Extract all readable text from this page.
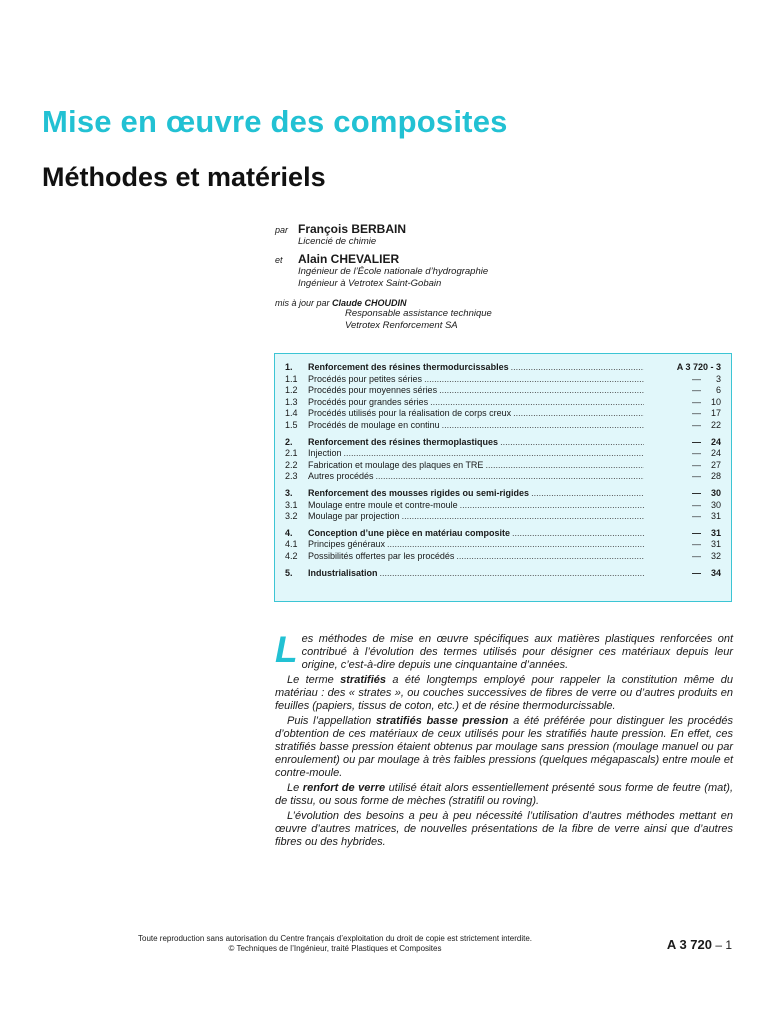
Mise en œuvre des composites
Méthodes et matériels
par François BERBAIN
Licencié de chimie
et	Alain CHEVALIER
Ingénieur de l’École nationale d’hydrographie
Ingénieur à Vetrotex Saint-Gobain
mis à jour par Claude CHOUDIN
Responsable assistance technique
Vetrotex Renforcement SA
1.	Renforcement des résines thermodurcissables .....	A 3 720 - 3
1.1	Procédés pour petites séries .....	—      3
1.2	Procédés pour moyennes séries .....	—      6
1.3	Procédés pour grandes séries .....	—    10
1.4	Procédés utilisés pour la réalisation de corps creux .....	—    17
1.5	Procédés de moulage en continu .....	—    22
2.	Renforcement des résines thermoplastiques .....	—    24
2.1	Injection .....	—    24
2.2	Fabrication et moulage des plaques en TRE .....	—    27
2.3	Autres procédés .....	—    28
3.	Renforcement des mousses rigides ou semi-rigides .....	—    30
3.1	Moulage entre moule et contre-moule .....	—    30
3.2	Moulage par projection .....	—    31
4.	Conception d’une pièce en matériau composite .....	—    31
4.1	Principes généraux .....	—    31
4.2	Possibilités offertes par les procédés .....	—    32
5.	Industrialisation .....	—    34

Les méthodes de mise en œuvre spécifiques aux matières plastiques renforcées ont contribué à l’évolution des termes utilisés pour désigner ces matériaux depuis leur origine, c’est-à-dire depuis une cinquantaine d’années.

Le terme stratifiés a été longtemps employé pour rappeler la constitution même du matériau : des « strates », ou couches successives de fibres de verre ou d’autres produits en feuilles (papiers, tissus de coton, etc.) et de résine thermodurcissable.

Puis l’appellation stratifiés basse pression a été préférée pour distinguer les procédés d’obtention de ces matériaux de ceux utilisés pour les stratifiés haute pression. En effet, ces stratifiés basse pression étaient obtenus par moulage sans pression (moulage manuel ou par enroulement) ou par moulage à très faibles pressions (quelques mégapascals) entre moule et contre-moule.

Le renfort de verre utilisé était alors essentiellement présenté sous forme de feutre (mat), de tissu, ou sous forme de mèches (stratifil ou roving).

L’évolution des besoins a peu à peu nécessité l’utilisation d’autres méthodes mettant en œuvre d’autres matrices, de nouvelles présentations de la fibre de verre ainsi que d’autres fibres ou des hybrides.

Toute reproduction sans autorisation du Centre français d’exploitation du droit de copie est strictement interdite.
© Techniques de l’Ingénieur, traité Plastiques et Composites	A 3 720 – 1
